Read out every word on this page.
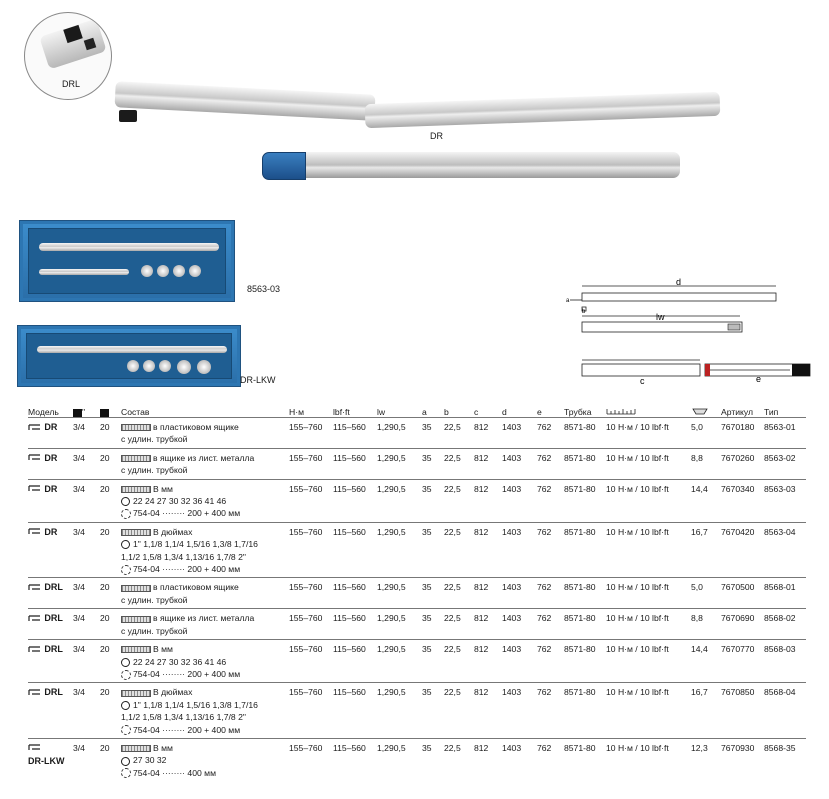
DRL
DR
8563-03
DR-LKW
d
lw
c	e
a
b
Модель	"		Состав	Н·м	lbf·ft	lw	a	b	c	d	e	Трубка			Артикул	Тип
DR	3/4	20	в пластиковом ящике
с удлин. трубкой	155–760	115–560	1,290,5	35	22,5	812	1403	762	8571-80	10 Н·м / 10 lbf·ft	5,0	7670180	8563-01
DR	3/4	20	в ящике из лист. металла
с удлин. трубкой	155–760	115–560	1,290,5	35	22,5	812	1403	762	8571-80	10 Н·м / 10 lbf·ft	8,8	7670260	8563-02
DR	3/4	20	В мм
22 24 27 30 32 36 41 46
754-04 ········ 200 + 400 мм	155–760	115–560	1,290,5	35	22,5	812	1403	762	8571-80	10 Н·м / 10 lbf·ft	14,4	7670340	8563-03
DR	3/4	20	В дюймах
1" 1,1/8 1,1/4 1,5/16 1,3/8 1,7/16
1,1/2 1,5/8 1,3/4 1,13/16 1,7/8 2"
754-04 ········ 200 + 400 мм	155–760	115–560	1,290,5	35	22,5	812	1403	762	8571-80	10 Н·м / 10 lbf·ft	16,7	7670420	8563-04
DRL	3/4	20	в пластиковом ящике
с удлин. трубкой	155–760	115–560	1,290,5	35	22,5	812	1403	762	8571-80	10 Н·м / 10 lbf·ft	5,0	7670500	8568-01
DRL	3/4	20	в ящике из лист. металла
с удлин. трубкой	155–760	115–560	1,290,5	35	22,5	812	1403	762	8571-80	10 Н·м / 10 lbf·ft	8,8	7670690	8568-02
DRL	3/4	20	В мм
22 24 27 30 32 36 41 46
754-04 ········ 200 + 400 мм	155–760	115–560	1,290,5	35	22,5	812	1403	762	8571-80	10 Н·м / 10 lbf·ft	14,4	7670770	8568-03
DRL	3/4	20	В дюймах
1" 1,1/8 1,1/4 1,5/16 1,3/8 1,7/16
1,1/2 1,5/8 1,3/4 1,13/16 1,7/8 2"
754-04 ········ 200 + 400 мм	155–760	115–560	1,290,5	35	22,5	812	1403	762	8571-80	10 Н·м / 10 lbf·ft	16,7	7670850	8568-04
DR-LKW	3/4	20	В мм
27 30 32
754-04 ········ 400 мм	155–760	115–560	1,290,5	35	22,5	812	1403	762	8571-80	10 Н·м / 10 lbf·ft	12,3	7670930	8568-35
